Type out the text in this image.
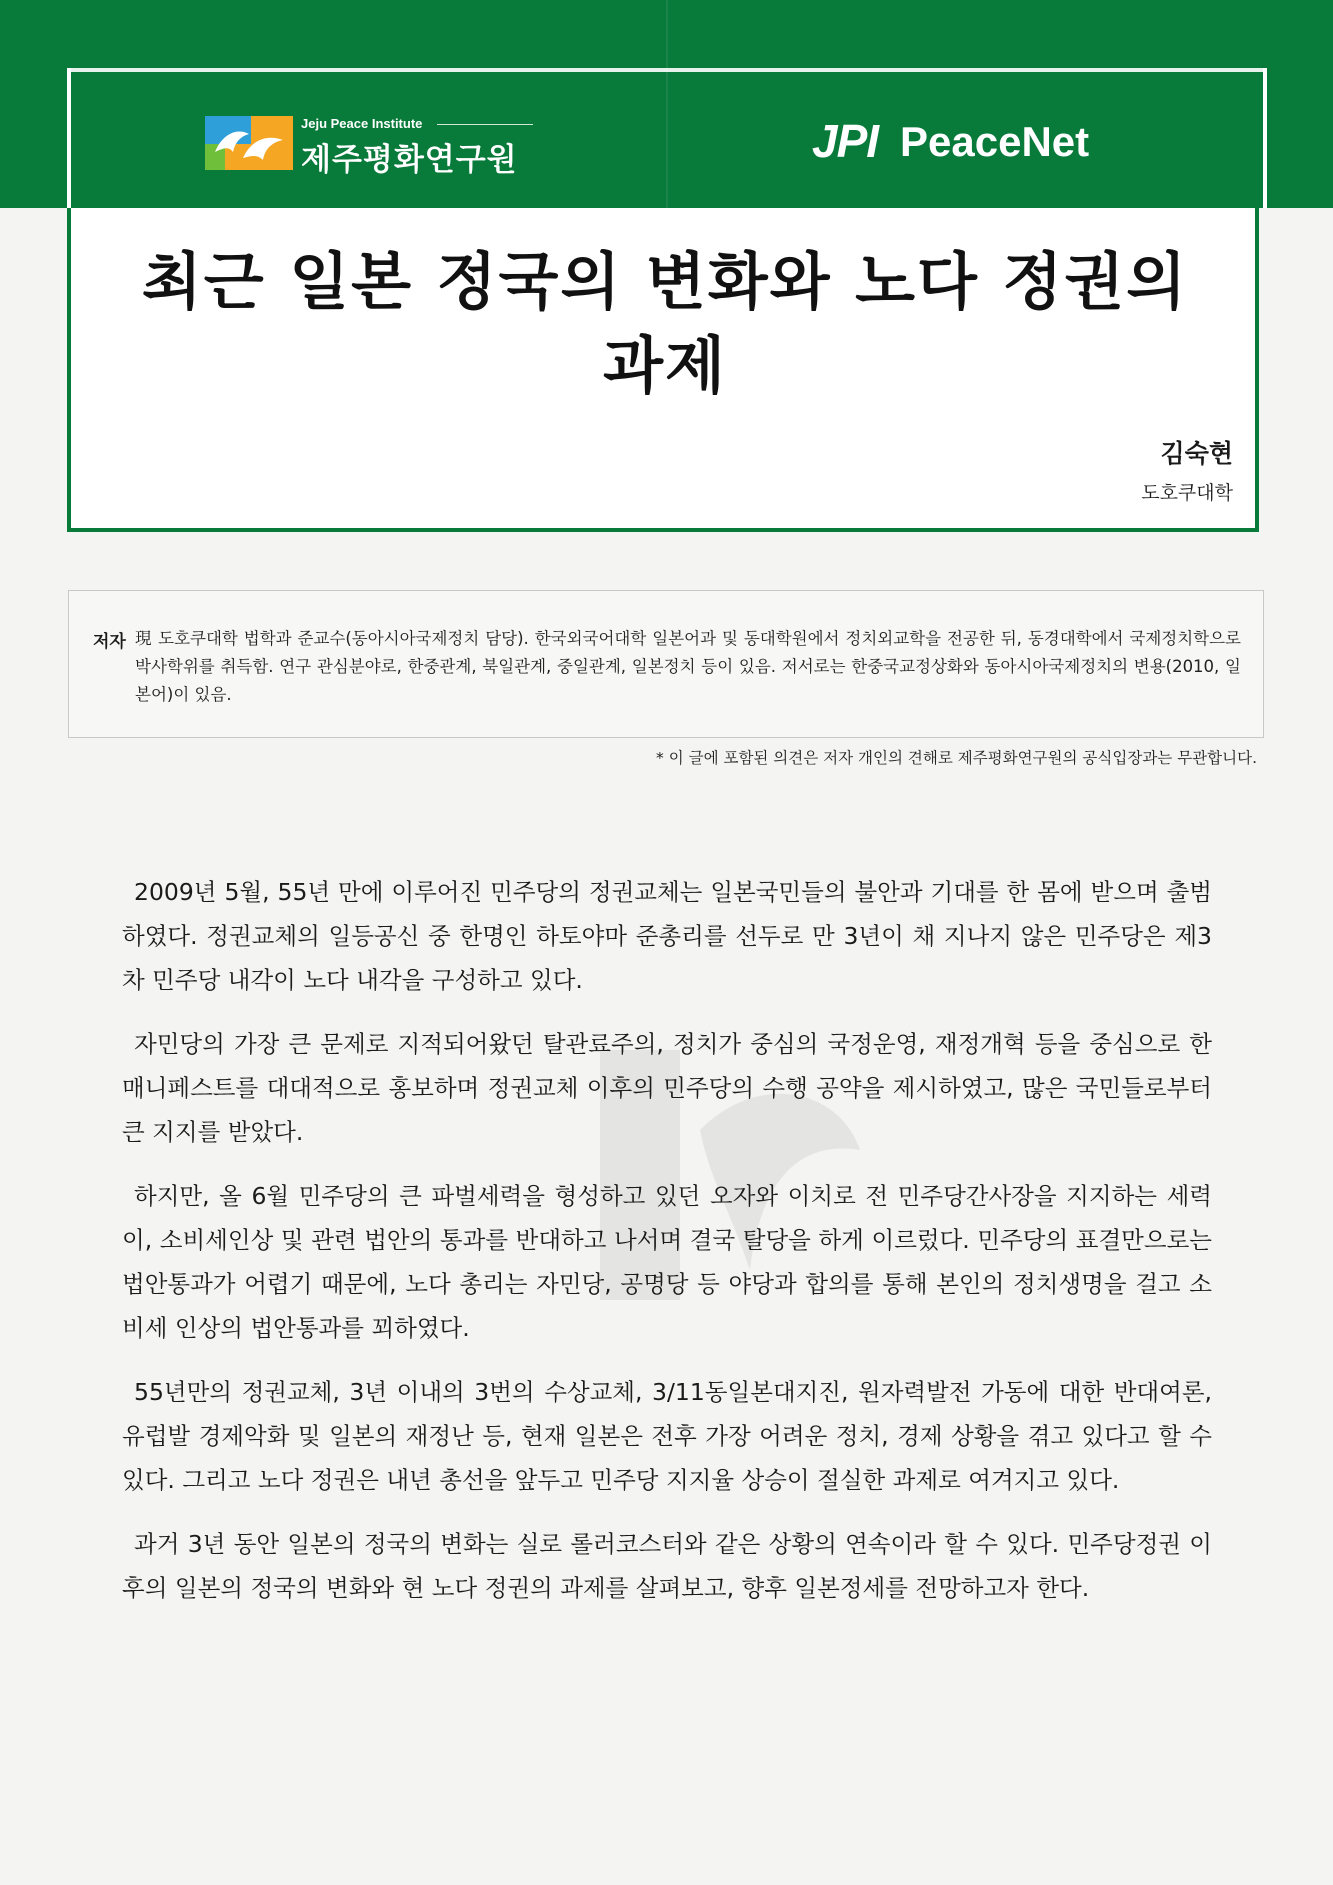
Jeju Peace Institute
제주평화연구원	JPI PeaceNet
최근 일본 정국의 변화와 노다 정권의 과제
김숙현
도호쿠대학
저자 現 도호쿠대학 법학과 준교수(동아시아국제정치 담당). 한국외국어대학 일본어과 및 동대학원에서 정치외교학을 전공한 뒤, 동경대학에서 국제정치학으로 박사학위를 취득함. 연구 관심분야로, 한중관계, 북일관계, 중일관계, 일본정치 등이 있음. 저서로는 한중국교정상화와 동아시아국제정치의 변용(2010, 일본어)이 있음.
* 이 글에 포함된 의견은 저자 개인의 견해로 제주평화연구원의 공식입장과는 무관합니다.

2009년 5월, 55년 만에 이루어진 민주당의 정권교체는 일본국민들의 불안과 기대를 한 몸에 받으며 출범하였다. 정권교체의 일등공신 중 한명인 하토야마 준총리를 선두로 만 3년이 채 지나지 않은 민주당은 제3차 민주당 내각이 노다 내각을 구성하고 있다.

자민당의 가장 큰 문제로 지적되어왔던 탈관료주의, 정치가 중심의 국정운영, 재정개혁 등을 중심으로 한 매니페스트를 대대적으로 홍보하며 정권교체 이후의 민주당의 수행 공약을 제시하였고, 많은 국민들로부터 큰 지지를 받았다.

하지만, 올 6월 민주당의 큰 파벌세력을 형성하고 있던 오자와 이치로 전 민주당간사장을 지지하는 세력이, 소비세인상 및 관련 법안의 통과를 반대하고 나서며 결국 탈당을 하게 이르렀다. 민주당의 표결만으로는 법안통과가 어렵기 때문에, 노다 총리는 자민당, 공명당 등 야당과 합의를 통해 본인의 정치생명을 걸고 소비세 인상의 법안통과를 꾀하였다.

55년만의 정권교체, 3년 이내의 3번의 수상교체, 3/11동일본대지진, 원자력발전 가동에 대한 반대여론, 유럽발 경제악화 및 일본의 재정난 등, 현재 일본은 전후 가장 어려운 정치, 경제 상황을 겪고 있다고 할 수 있다. 그리고 노다 정권은 내년 총선을 앞두고 민주당 지지율 상승이 절실한 과제로 여겨지고 있다.

과거 3년 동안 일본의 정국의 변화는 실로 롤러코스터와 같은 상황의 연속이라 할 수 있다. 민주당정권 이후의 일본의 정국의 변화와 현 노다 정권의 과제를 살펴보고, 향후 일본정세를 전망하고자 한다.
